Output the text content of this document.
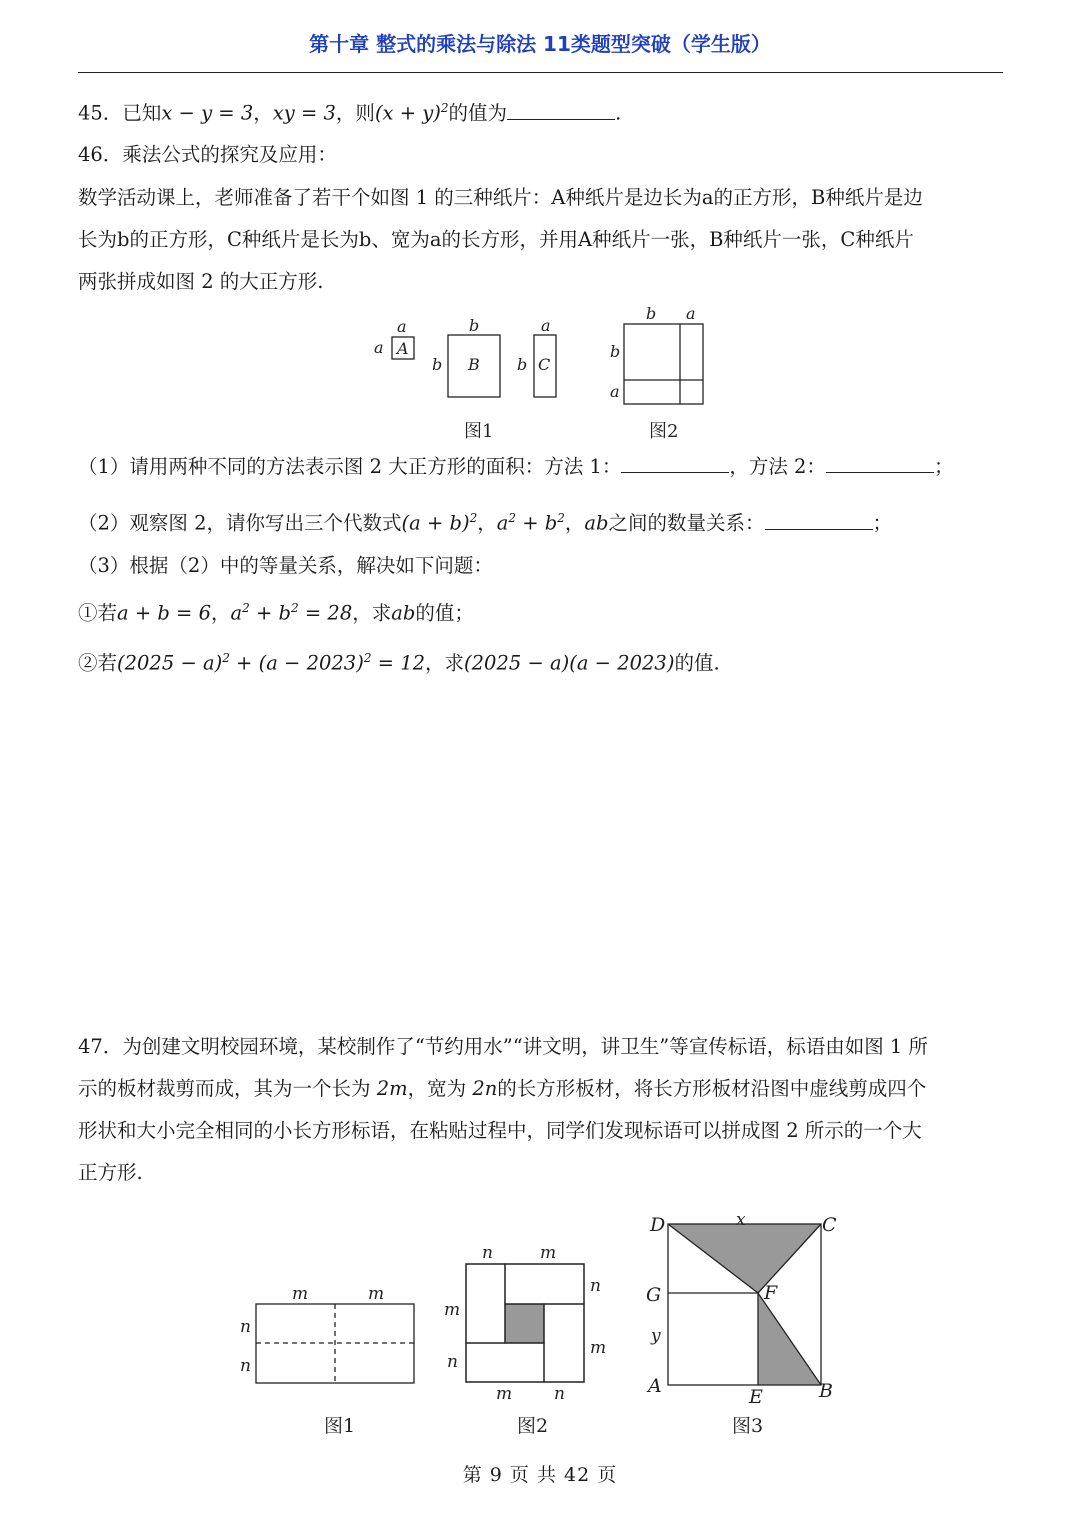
第十章 整式的乘法与除法 11类题型突破（学生版）
45．已知x − y = 3，xy = 3，则$(x + y)^2$的值为	.
46．乘法公式的探究及应用：
数学活动课上，老师准备了若干个如图 1 的三种纸片：A种纸片是边长为a的正方形，B种纸片是边
长为b的正方形，C种纸片是长为b、宽为a的长方形，并用A种纸片一张，B种纸片一张，C种纸片
两张拼成如图 2 的大正方形.
a
a A
b
b B
a
b C
b a
b
a
图1	图2
（1）请用两种不同的方法表示图 2 大正方形的面积：方法 1：	，方法 2：	；
（2）观察图 2，请你写出三个代数式$(a + b)^2$，$a^2 + b^2$，ab之间的数量关系：	；
（3）根据（2）中的等量关系，解决如下问题：
①若a + b = 6，$a^2 + b^2 = 28$，求ab的值；
②若$(2025 - a)^2 + (a - 2023)^2 = 12$，求(2025 − a)(a − 2023)的值.
47．为创建文明校园环境，某校制作了“节约用水”“讲文明，讲卫生”等宣传标语，标语由如图 1 所
示的板材裁剪而成，其为一个长为 2m，宽为 2n的长方形板材，将长方形板材沿图中虚线剪成四个
形状和大小完全相同的小长方形标语，在粘贴过程中，同学们发现标语可以拼成图 2 所示的一个大
正方形.
m	m
n
n
n	m
n
m
m
n
m n
D	x	C
G	F
y
A	E	B
图1	图2	图3
第 9 页 共 42 页
